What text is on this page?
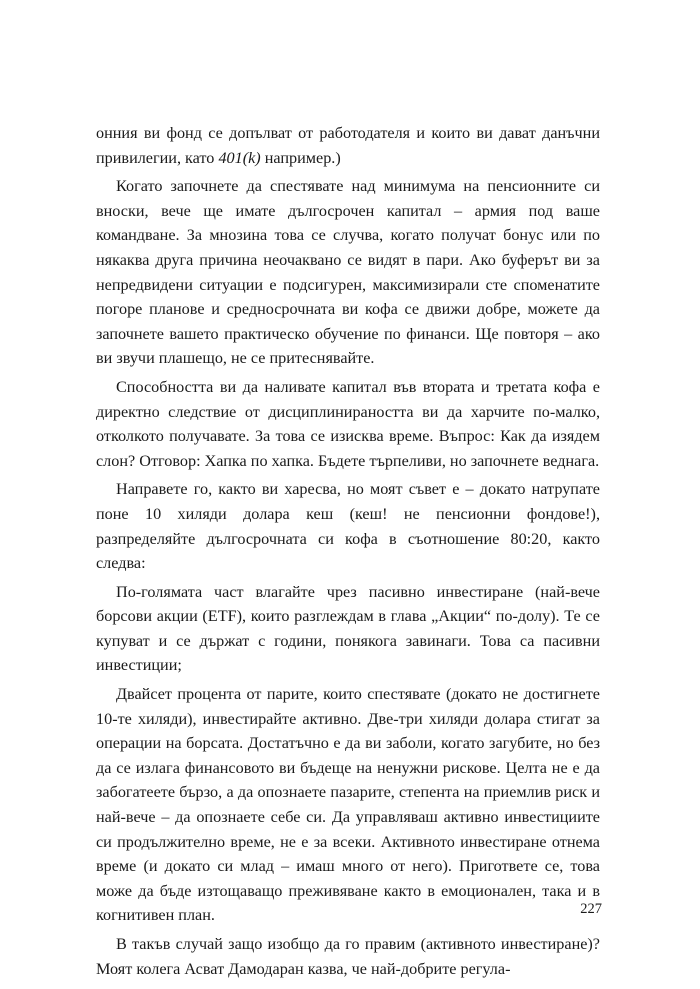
онния ви фонд се допълват от работодателя и които ви дават данъчни привилегии, като 401(k) например.)

Когато започнете да спестявате над минимума на пенсионните си вноски, вече ще имате дългосрочен капитал – армия под ваше командване. За мнозина това се случва, когато получат бонус или по някаква друга причина неочаквано се видят в пари. Ако буферът ви за непредвидени ситуации е подсигурен, максимизирали сте споменатите погоре планове и средносрочната ви кофа се движи добре, можете да започнете вашето практическо обучение по финанси. Ще повторя – ако ви звучи плашещо, не се притеснявайте.

Способността ви да наливате капитал във втората и третата кофа е директно следствие от дисциплинираността ви да харчите по-малко, отколкото получавате. За това се изисква време. Въпрос: Как да изядем слон? Отговор: Хапка по хапка. Бъдете търпеливи, но започнете веднага.

Направете го, както ви харесва, но моят съвет е – докато натрупате поне 10 хиляди долара кеш (кеш! не пенсионни фондове!), разпределяйте дългосрочната си кофа в съотношение 80:20, както следва:

По-голямата част влагайте чрез пасивно инвестиране (най-вече борсови акции (ETF), които разглеждам в глава „Акции“ по-долу). Те се купуват и се държат с години, понякога завинаги. Това са пасивни инвестиции;

Двайсет процента от парите, които спестявате (докато не достигнете 10-те хиляди), инвестирайте активно. Две-три хиляди долара стигат за операции на борсата. Достатъчно е да ви заболи, когато загубите, но без да се излага финансовото ви бъдеще на ненужни рискове. Целта не е да забогатеете бързо, а да опознаете пазарите, степента на приемлив риск и най-вече – да опознаете себе си. Да управляваш активно инвестициите си продължително време, не е за всеки. Активното инвестиране отнема време (и докато си млад – имаш много от него). Пригответе се, това може да бъде изтощаващо преживяване както в емоционален, така и в когнитивен план.

В такъв случай защо изобщо да го правим (активното инвестиране)? Моят колега Асват Дамодаран казва, че най-добрите регула-

227
